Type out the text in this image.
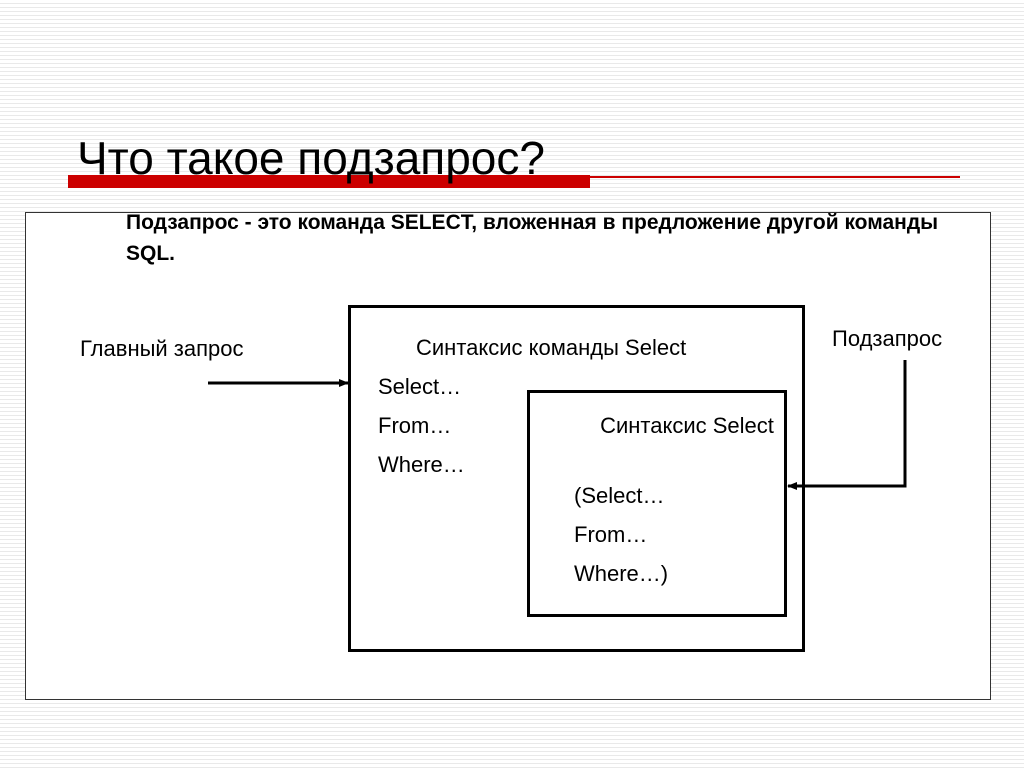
Что такое подзапрос?
Подзапрос - это команда SELECT, вложенная в предложение другой команды SQL.
Главный запрос	Подзапрос
Синтаксис команды Select
Select…
From…
Where…
Синтаксис Select
(Select…
From…
Where…)
